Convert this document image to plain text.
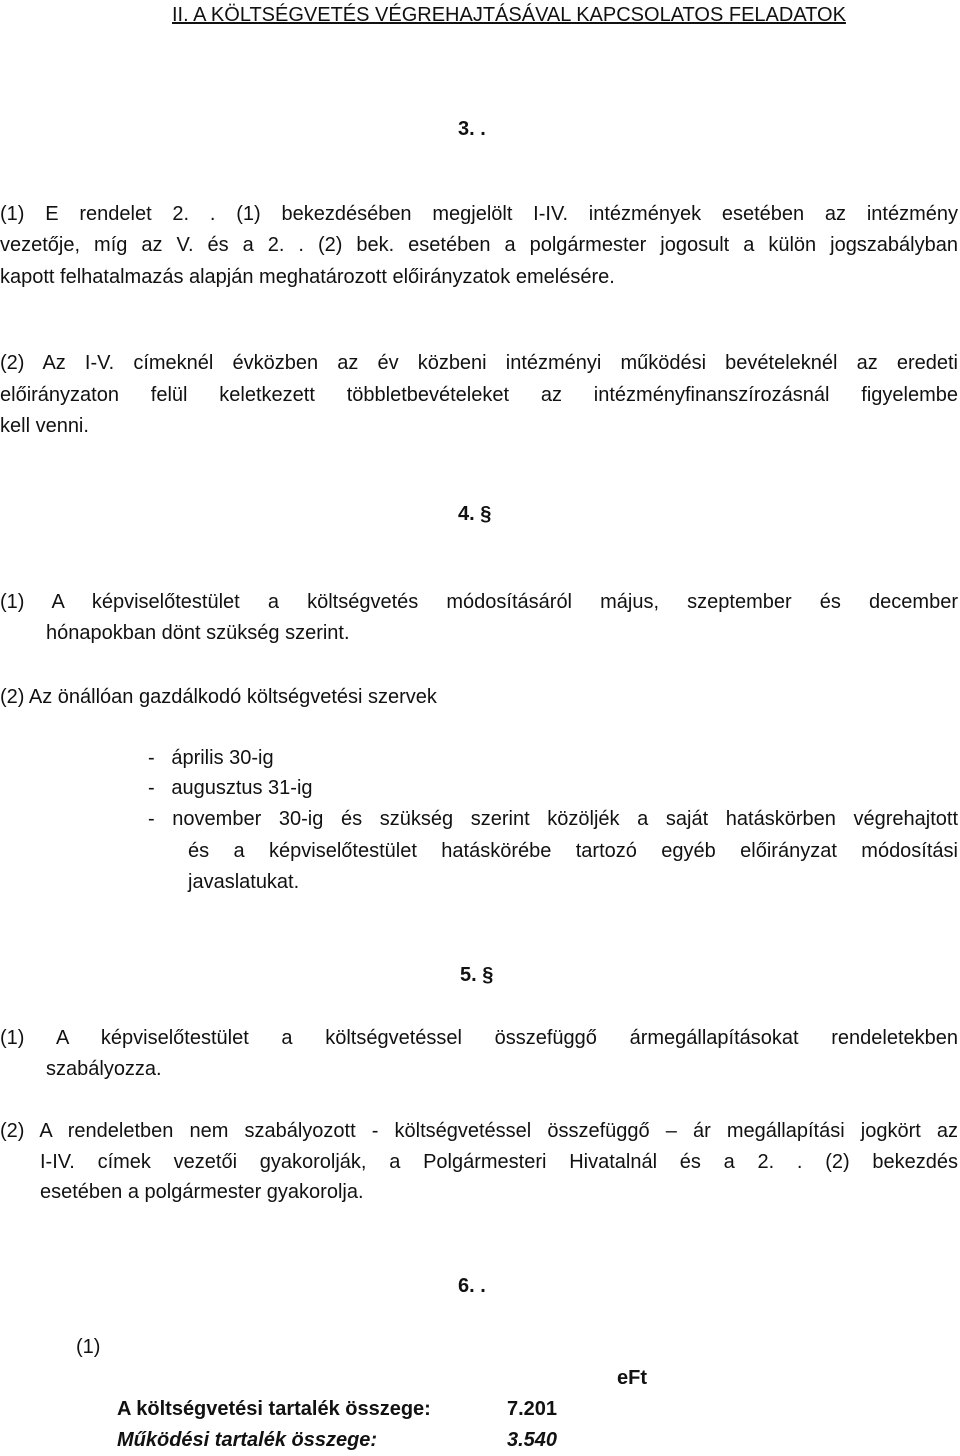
II. A KÖLTSÉGVETÉS VÉGREHAJTÁSÁVAL KAPCSOLATOS FELADATOK
3. .
(1) E rendelet 2. . (1) bekezdésében megjelölt I-IV. intézmények esetében az intézmény
vezetője, míg az V. és a 2. . (2) bek. esetében a polgármester jogosult a külön jogszabályban
kapott felhatalmazás alapján meghatározott előirányzatok emelésére.
(2) Az I-V. címeknél évközben az év közbeni intézményi működési bevételeknél az eredeti
előirányzaton felül keletkezett többletbevételeket az intézményfinanszírozásnál figyelembe
kell venni.
4. §
(1) A képviselőtestület a költségvetés módosításáról május, szeptember és december
hónapokban dönt szükség szerint.
(2) Az önállóan gazdálkodó költségvetési szervek
-   április 30-ig
-   augusztus 31-ig
- november 30-ig és szükség szerint közöljék a saját hatáskörben végrehajtott
és a képviselőtestület hatáskörébe tartozó egyéb előirányzat módosítási
javaslatukat.
5. §
(1) A képviselőtestület a költségvetéssel összefüggő ármegállapításokat rendeletekben
szabályozza.
(2) A rendeletben nem szabályozott - költségvetéssel összefüggő – ár megállapítási jogkört az
I-IV. címek vezetői gyakorolják, a Polgármesteri Hivatalnál és a 2. . (2) bekezdés
esetében a polgármester gyakorolja.
6. .
(1)
eFt
A költségvetési tartalék összege:	7.201
Működési tartalék összege:	3.540
